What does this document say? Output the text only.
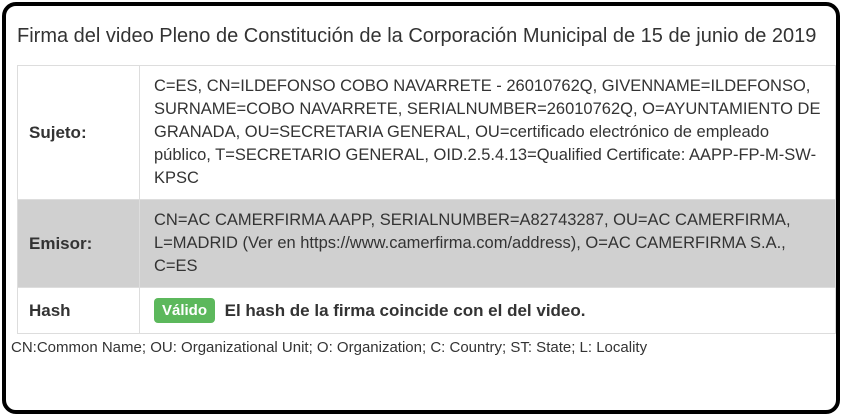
Firma del video Pleno de Constitución de la Corporación Municipal de 15 de junio de 2019
Sujeto:	C=ES, CN=ILDEFONSO COBO NAVARRETE - 26010762Q, GIVENNAME=ILDEFONSO, SURNAME=COBO NAVARRETE, SERIALNUMBER=26010762Q, O=AYUNTAMIENTO DE GRANADA, OU=SECRETARIA GENERAL, OU=certificado electrónico de empleado público, T=SECRETARIO GENERAL, OID.2.5.4.13=Qualified Certificate: AAPP-FP-M-SW-KPSC
Emisor:	CN=AC CAMERFIRMA AAPP, SERIALNUMBER=A82743287, OU=AC CAMERFIRMA, L=MADRID (Ver en https://www.camerfirma.com/address), O=AC CAMERFIRMA S.A., C=ES
Hash	Válido El hash de la firma coincide con el del video.
CN:Common Name; OU: Organizational Unit; O: Organization; C: Country; ST: State; L: Locality
